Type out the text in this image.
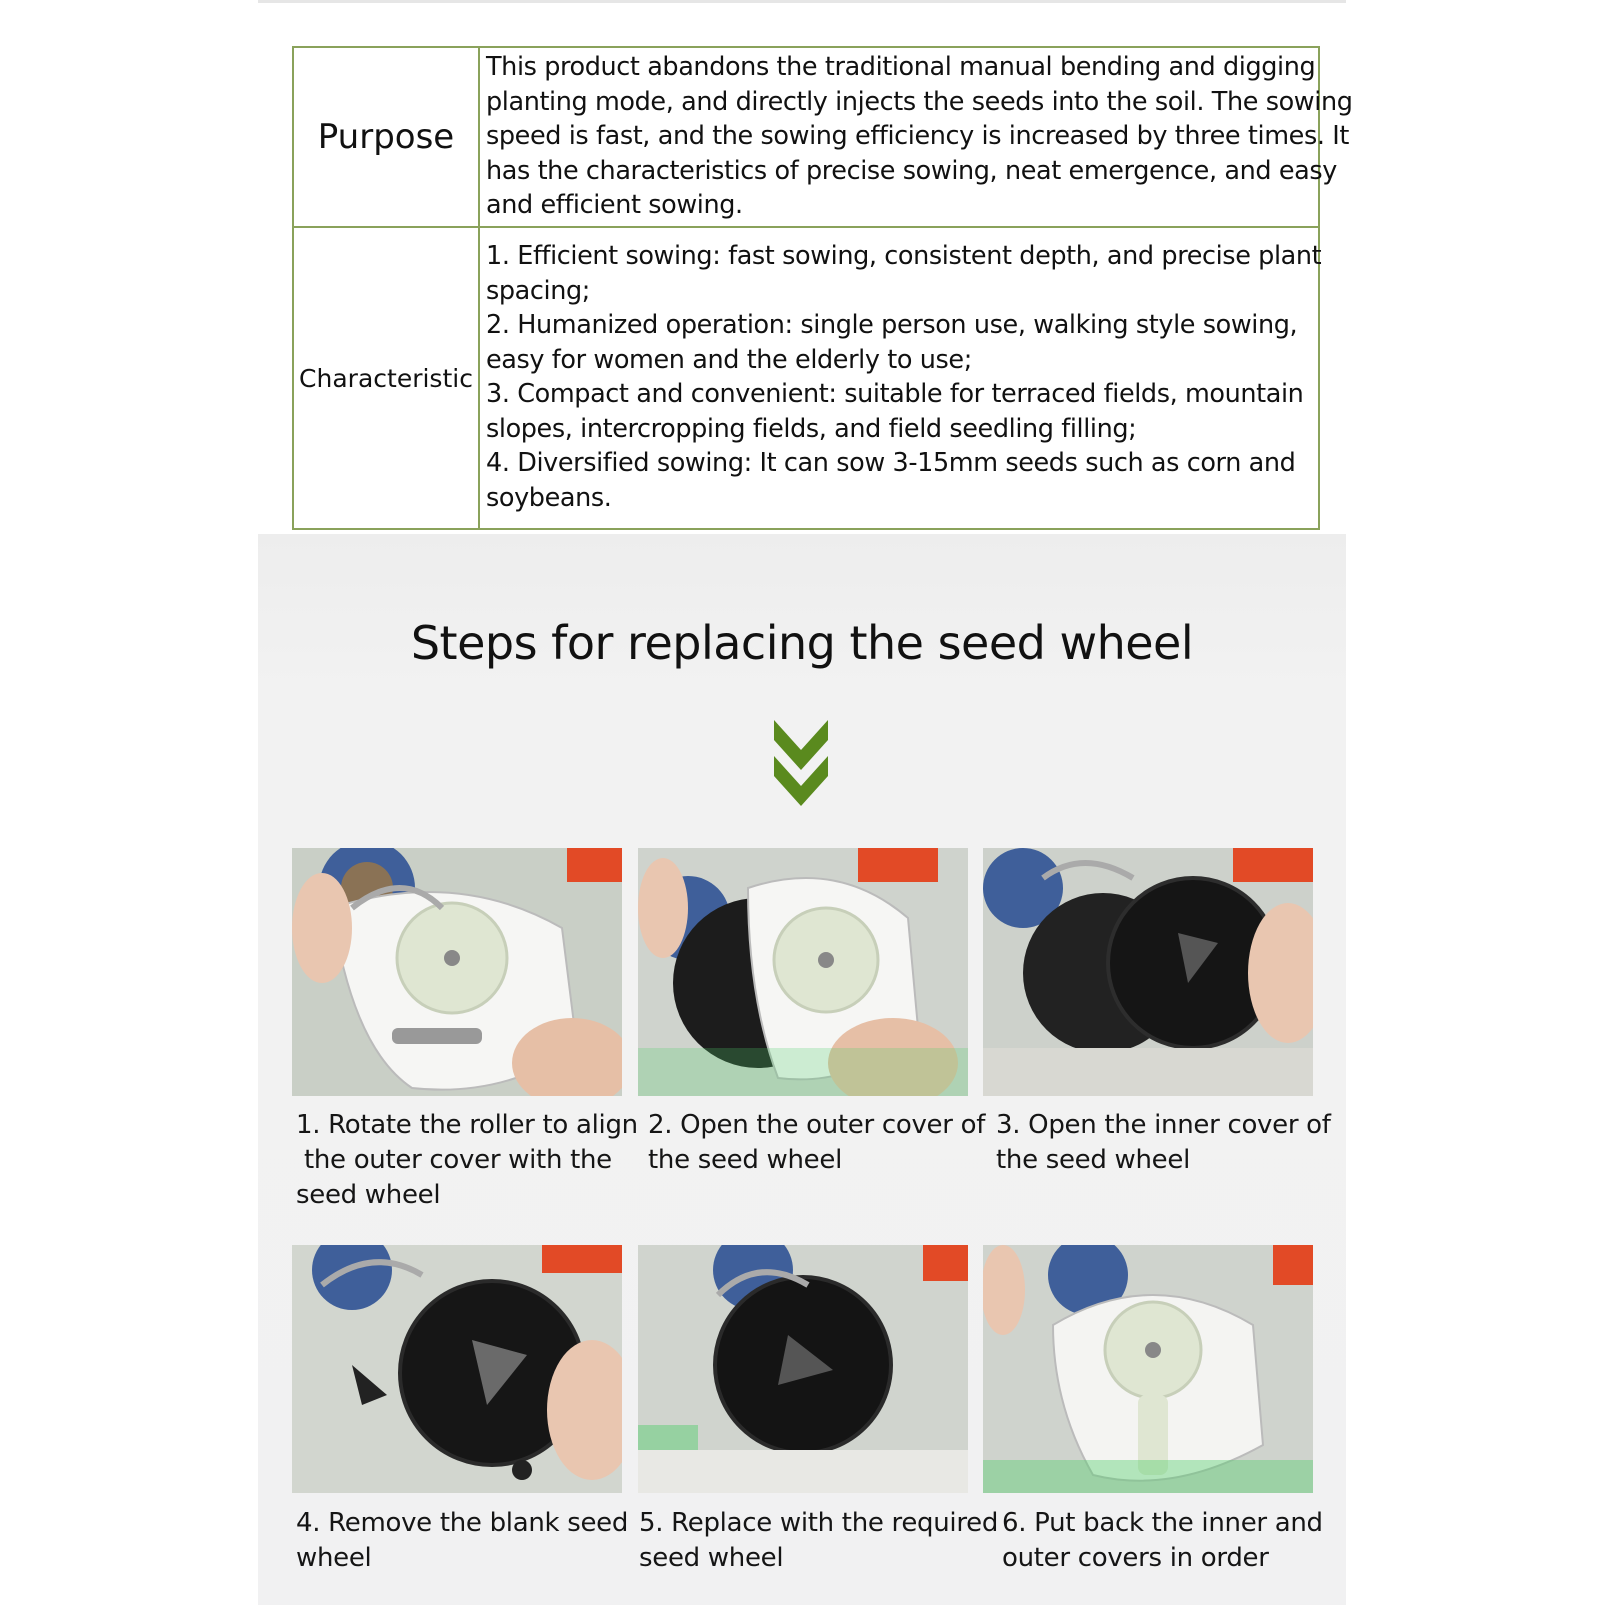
Purpose
This product abandons the traditional manual bending and digging
planting mode, and directly injects the seeds into the soil. The sowing
speed is fast, and the sowing efficiency is increased by three times. It
has the characteristics of precise sowing, neat emergence, and easy
and efficient sowing.
Characteristic
1. Efficient sowing: fast sowing, consistent depth, and precise plant
spacing;
2. Humanized operation: single person use, walking style sowing,
easy for women and the elderly to use;
3. Compact and convenient: suitable for terraced fields, mountain
slopes, intercropping fields, and field seedling filling;
4. Diversified sowing: It can sow 3-15mm seeds such as corn and
soybeans.
Steps for replacing the seed wheel
1. Rotate the roller to align
the outer cover with the
seed wheel
2. Open the outer cover of
the seed wheel
3. Open the inner cover of
the seed wheel
4. Remove the blank seed
wheel
5. Replace with the required
seed wheel
6. Put back the inner and
outer covers in order
